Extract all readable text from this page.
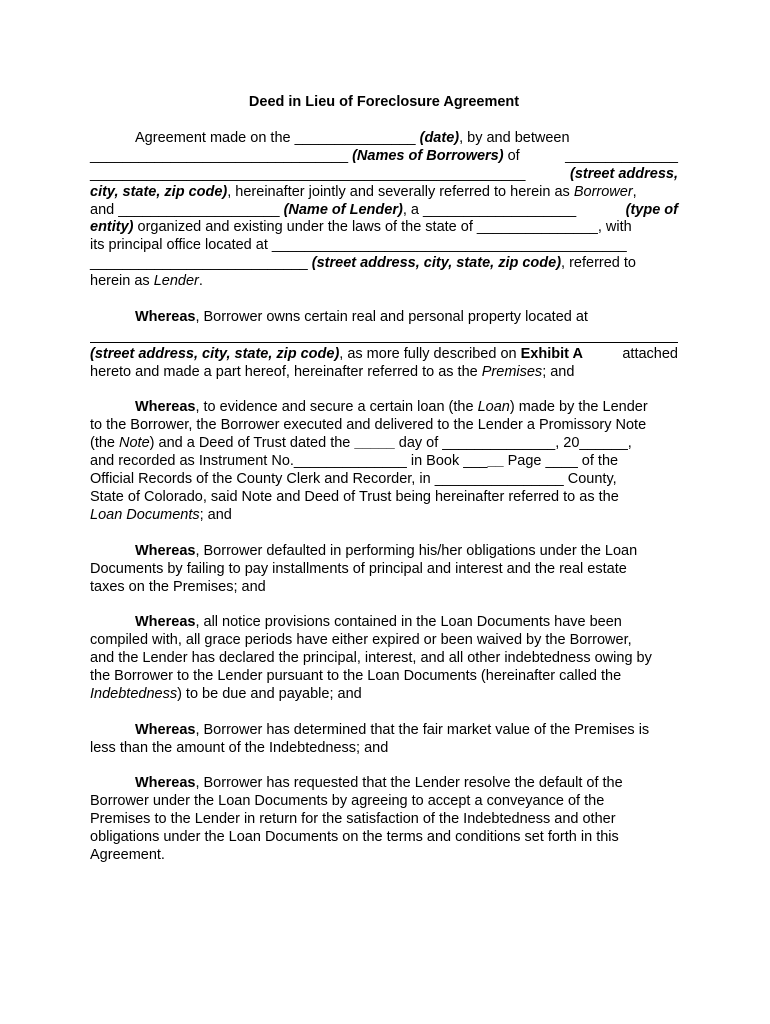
Deed in Lieu of Foreclosure Agreement
Agreement made on the _______________ (date), by and between
________________________________ (Names of Borrowers) of	______________
______________________________________________________	(street address,
city, state, zip code), hereinafter jointly and severally referred to herein as Borrower,
and ____________________ (Name of Lender), a ___________________	(type of
entity) organized and existing under the laws of the state of _______________, with
its principal office located at ____________________________________________
___________________________ (street address, city, state, zip code), referred to
herein as Lender.
Whereas, Borrower owns certain real and personal property located at
(street address, city, state, zip code), as more fully described on Exhibit A	attached
hereto and made a part hereof, hereinafter referred to as the Premises; and
Whereas, to evidence and secure a certain loan (the Loan) made by the Lender
to the Borrower, the Borrower executed and delivered to the Lender a Promissory Note
(the Note) and a Deed of Trust dated the _____ day of ______________, 20______,
and recorded as Instrument No.______________ in Book _____ Page ____ of the
Official Records of the County Clerk and Recorder, in ________________ County,
State of Colorado, said Note and Deed of Trust being hereinafter referred to as the
Loan Documents; and
Whereas, Borrower defaulted in performing his/her obligations under the Loan
Documents by failing to pay installments of principal and interest and the real estate
taxes on the Premises; and
Whereas, all notice provisions contained in the Loan Documents have been
compiled with, all grace periods have either expired or been waived by the Borrower,
and the Lender has declared the principal, interest, and all other indebtedness owing by
the Borrower to the Lender pursuant to the Loan Documents (hereinafter called the
Indebtedness) to be due and payable; and
Whereas, Borrower has determined that the fair market value of the Premises is
less than the amount of the Indebtedness; and
Whereas, Borrower has requested that the Lender resolve the default of the
Borrower under the Loan Documents by agreeing to accept a conveyance of the
Premises to the Lender in return for the satisfaction of the Indebtedness and other
obligations under the Loan Documents on the terms and conditions set forth in this
Agreement.
